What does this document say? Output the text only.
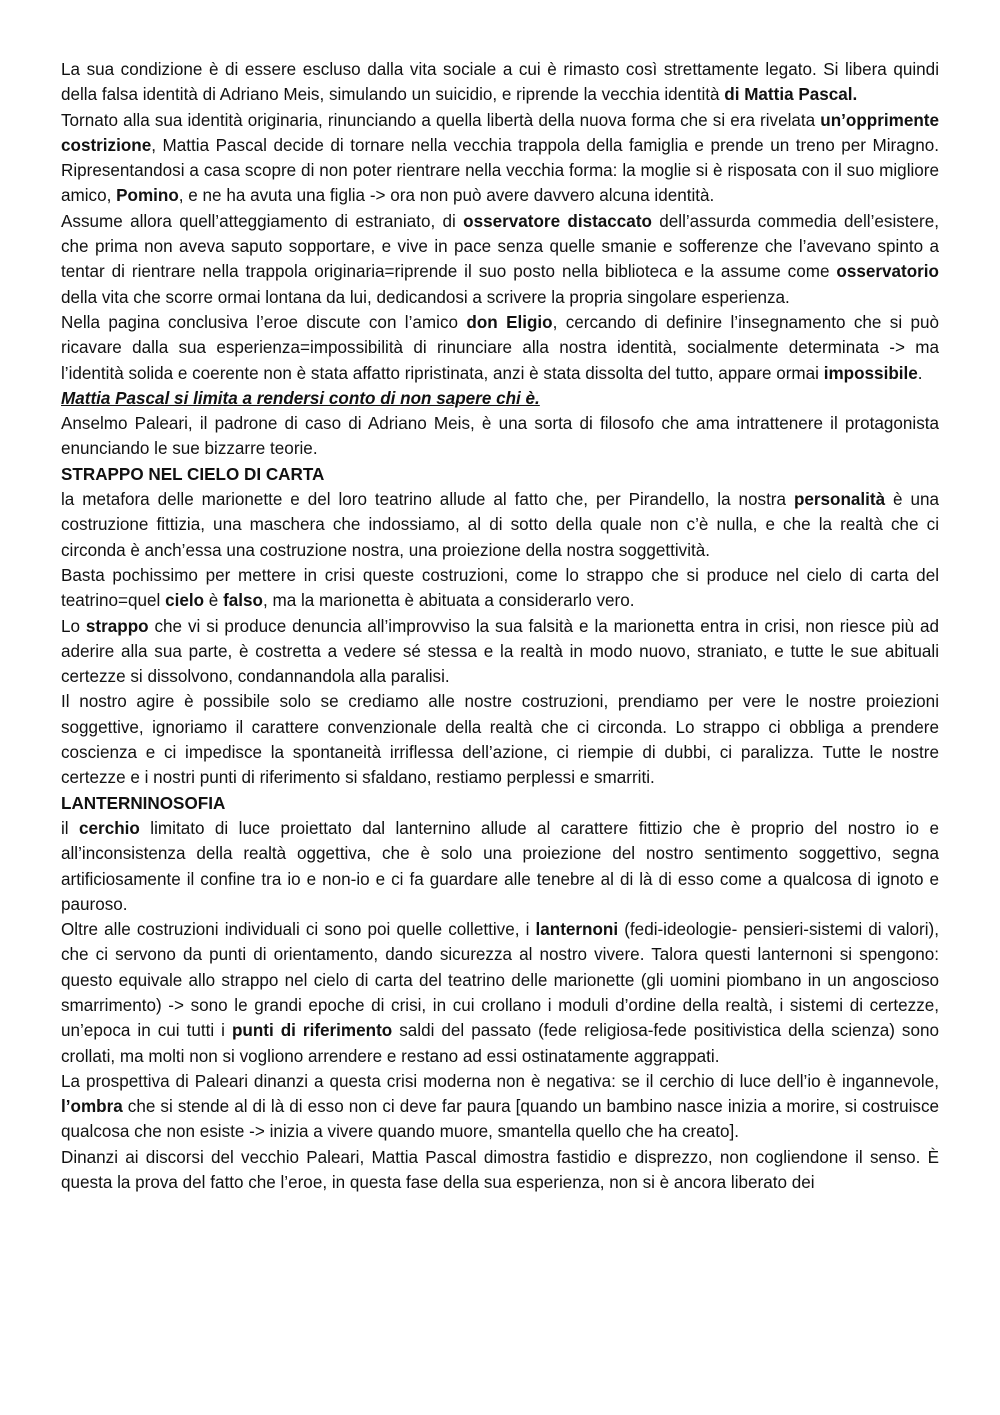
La sua condizione è di essere escluso dalla vita sociale a cui è rimasto così strettamente legato. Si libera quindi della falsa identità di Adriano Meis, simulando un suicidio, e riprende la vecchia identità di Mattia Pascal.

Tornato alla sua identità originaria, rinunciando a quella libertà della nuova forma che si era rivelata un’opprimente costrizione, Mattia Pascal decide di tornare nella vecchia trappola della famiglia e prende un treno per Miragno. Ripresentandosi a casa scopre di non poter rientrare nella vecchia forma: la moglie si è risposata con il suo migliore amico, Pomino, e ne ha avuta una figlia -> ora non può avere davvero alcuna identità.

Assume allora quell’atteggiamento di estraniato, di osservatore distaccato dell’assurda commedia dell’esistere, che prima non aveva saputo sopportare, e vive in pace senza quelle smanie e sofferenze che l’avevano spinto a tentar di rientrare nella trappola originaria=riprende il suo posto nella biblioteca e la assume come osservatorio della vita che scorre ormai lontana da lui, dedicandosi a scrivere la propria singolare esperienza.

Nella pagina conclusiva l’eroe discute con l’amico don Eligio, cercando di definire l’insegnamento che si può ricavare dalla sua esperienza=impossibilità di rinunciare alla nostra identità, socialmente determinata -> ma l’identità solida e coerente non è stata affatto ripristinata, anzi è stata dissolta del tutto, appare ormai impossibile.

Mattia Pascal si limita a rendersi conto di non sapere chi è.

Anselmo Paleari, il padrone di caso di Adriano Meis, è una sorta di filosofo che ama intrattenere il protagonista enunciando le sue bizzarre teorie.

STRAPPO NEL CIELO DI CARTA

la metafora delle marionette e del loro teatrino allude al fatto che, per Pirandello, la nostra personalità è una costruzione fittizia, una maschera che indossiamo, al di sotto della quale non c’è nulla, e che la realtà che ci circonda è anch’essa una costruzione nostra, una proiezione della nostra soggettività.

Basta pochissimo per mettere in crisi queste costruzioni, come lo strappo che si produce nel cielo di carta del teatrino=quel cielo è falso, ma la marionetta è abituata a considerarlo vero.

Lo strappo che vi si produce denuncia all’improvviso la sua falsità e la marionetta entra in crisi, non riesce più ad aderire alla sua parte, è costretta a vedere sé stessa e la realtà in modo nuovo, straniato, e tutte le sue abituali certezze si dissolvono, condannandola alla paralisi.

Il nostro agire è possibile solo se crediamo alle nostre costruzioni, prendiamo per vere le nostre proiezioni soggettive, ignoriamo il carattere convenzionale della realtà che ci circonda. Lo strappo ci obbliga a prendere coscienza e ci impedisce la spontaneità irriflessa dell’azione, ci riempie di dubbi, ci paralizza. Tutte le nostre certezze e i nostri punti di riferimento si sfaldano, restiamo perplessi e smarriti.

LANTERNINOSOFIA

il cerchio limitato di luce proiettato dal lanternino allude al carattere fittizio che è proprio del nostro io e all’inconsistenza della realtà oggettiva, che è solo una proiezione del nostro sentimento soggettivo, segna artificiosamente il confine tra io e non-io e ci fa guardare alle tenebre al di là di esso come a qualcosa di ignoto e pauroso.

Oltre alle costruzioni individuali ci sono poi quelle collettive, i lanternoni (fedi-ideologie- pensieri-sistemi di valori), che ci servono da punti di orientamento, dando sicurezza al nostro vivere. Talora questi lanternoni si spengono: questo equivale allo strappo nel cielo di carta del teatrino delle marionette (gli uomini piombano in un angoscioso smarrimento) -> sono le grandi epoche di crisi, in cui crollano i moduli d’ordine della realtà, i sistemi di certezze, un’epoca in cui tutti i punti di riferimento saldi del passato (fede religiosa-fede positivistica della scienza) sono crollati, ma molti non si vogliono arrendere e restano ad essi ostinatamente aggrappati.

La prospettiva di Paleari dinanzi a questa crisi moderna non è negativa: se il cerchio di luce dell’io è ingannevole, l’ombra che si stende al di là di esso non ci deve far paura [quando un bambino nasce inizia a morire, si costruisce qualcosa che non esiste -> inizia a vivere quando muore, smantella quello che ha creato].

Dinanzi ai discorsi del vecchio Paleari, Mattia Pascal dimostra fastidio e disprezzo, non cogliendone il senso. È questa la prova del fatto che l’eroe, in questa fase della sua esperienza, non si è ancora liberato dei
